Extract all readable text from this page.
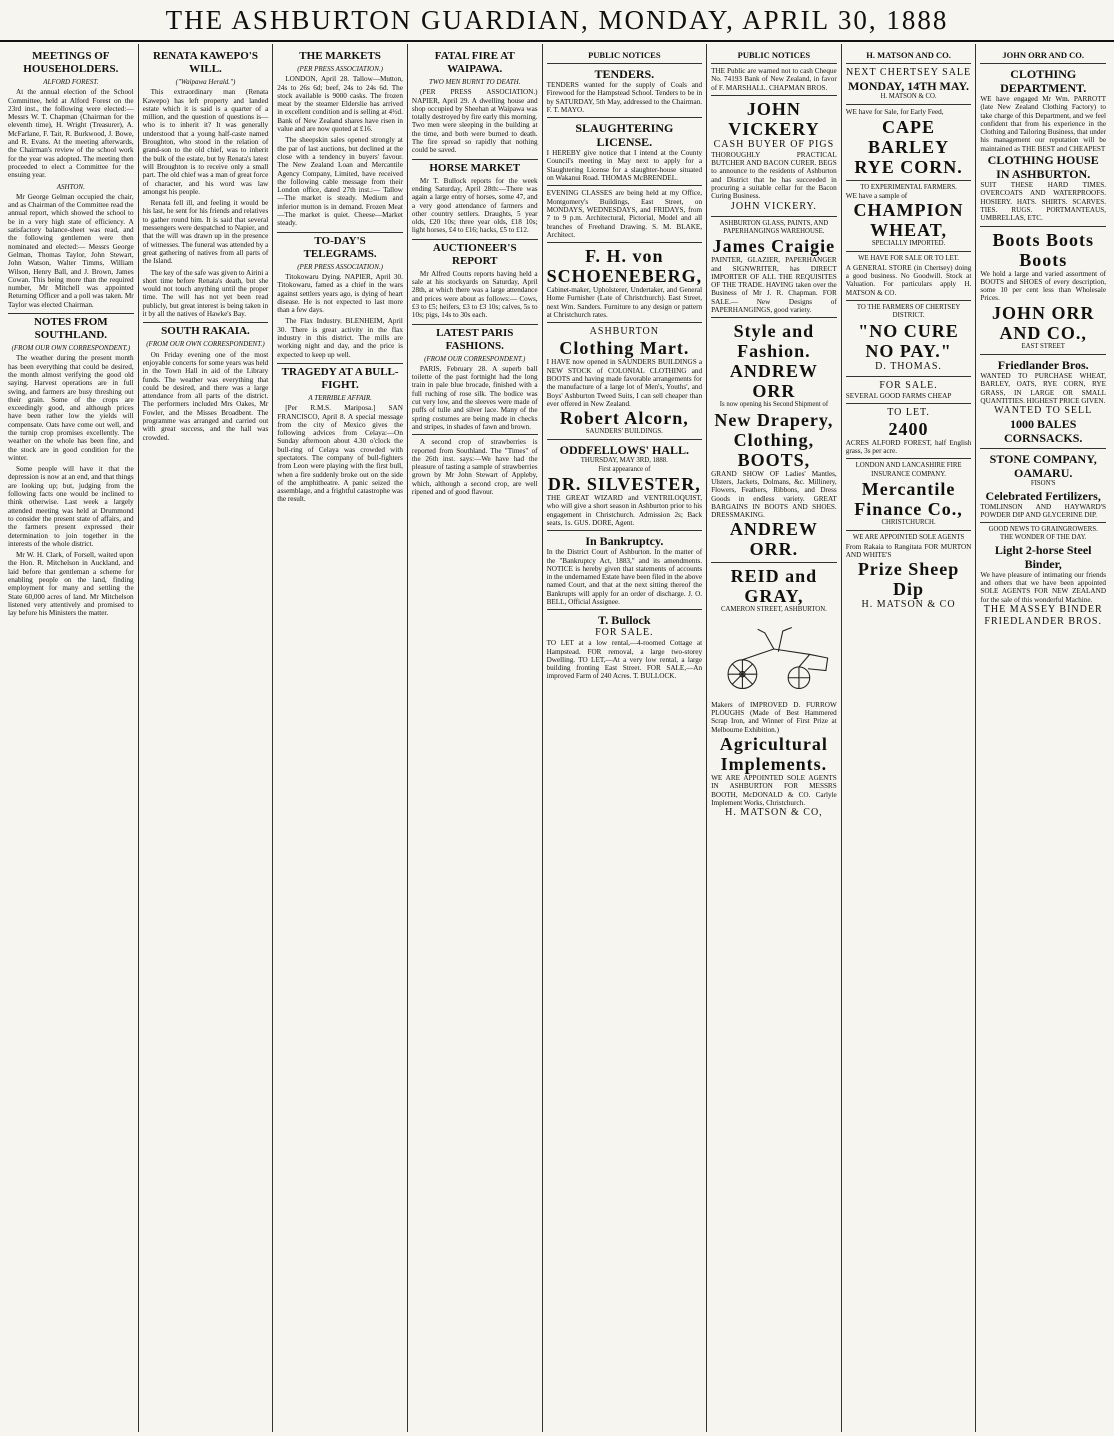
THE ASHBURTON GUARDIAN, MONDAY, APRIL 30, 1888
MEETINGS OF HOUSEHOLDERS.
ALFORD FOREST.

At the annual election of the School Committee, held at Alford Forest on the 23rd inst., the following were elected:— Messrs W. T. Chapman (Chairman for the eleventh time), H. Wright (Treasurer), A. McFarlane, F. Tait, R. Burkwood, J. Bowe, and R. Evans. At the meeting afterwards, the Chairman's review of the school work for the year was adopted. The meeting then proceeded to elect a Committee for the ensuing year.

ASHTON.

Mr George Gelman occupied the chair, and as Chairman of the Committee read the annual report, which showed the school to be in a very high state of efficiency. A satisfactory balance-sheet was read, and the following gentlemen were then nominated and elected:— Messrs George Gelman, Thomas Taylor, John Stewart, John Watson, Walter Timms, William Wilson, Henry Ball, and J. Brown, James Cowan. This being more than the required number, Mr Mitchell was appointed Returning Officer and a poll was taken. Mr Taylor was elected Chairman.

NOTES FROM SOUTHLAND.
(FROM OUR OWN CORRESPONDENT.)

The weather during the present month has been everything that could be desired, the month almost verifying the good old saying. Harvest operations are in full swing, and farmers are busy threshing out their grain. Some of the crops are exceedingly good, and although prices have been rather low the yields will compensate. Oats have come out well, and the turnip crop promises excellently. The weather on the whole has been fine, and the stock are in good condition for the winter.

Some people will have it that the depression is now at an end, and that things are looking up; but, judging from the following facts one would be inclined to think otherwise. Last week a largely attended meeting was held at Drummond to consider the present state of affairs, and the farmers present expressed their determination to join together in the interests of the whole district.

Mr W. H. Clark, of Forsell, waited upon the Hon. R. Mitchelson in Auckland, and laid before that gentleman a scheme for enabling people on the land, finding employment for many and settling the State 60,000 acres of land. Mr Mitchelson listened very attentively and promised to lay before his Ministers the matter.

RENATA KAWEPO'S WILL.
("Waipawa Herald.")

This extraordinary man (Renata Kawepo) has left property and landed estate which it is said is a quarter of a million, and the question of questions is—who is to inherit it? It was generally understood that a young half-caste named Broughton, who stood in the relation of grand-son to the old chief, was to inherit the bulk of the estate, but by Renata's latest will Broughton is to receive only a small part. The old chief was a man of great force of character, and his word was law amongst his people.

Renata fell ill, and feeling it would be his last, he sent for his friends and relatives to gather round him. It is said that several messengers were despatched to Napier, and that the will was drawn up in the presence of witnesses. The funeral was attended by a great gathering of natives from all parts of the Island.

The key of the safe was given to Airini a short time before Renata's death, but she would not touch anything until the proper time. The will has not yet been read publicly, but great interest is being taken in it by all the natives of Hawke's Bay.

SOUTH RAKAIA.
(FROM OUR OWN CORRESPONDENT.)

On Friday evening one of the most enjoyable concerts for some years was held in the Town Hall in aid of the Library funds. The weather was everything that could be desired, and there was a large attendance from all parts of the district. The performers included Mrs Oakes, Mr Fowler, and the Misses Broadbent. The programme was arranged and carried out with great success, and the hall was crowded.

THE MARKETS
(PER PRESS ASSOCIATION.)

LONDON, April 28. Tallow—Mutton, 24s to 26s 6d; beef, 24s to 24s 6d. The stock available is 9000 casks. The frozen meat by the steamer Elderslie has arrived in excellent condition and is selling at 4½d. Bank of New Zealand shares have risen in value and are now quoted at £16.

The sheepskin sales opened strongly at the par of last auctions, but declined at the close with a tendency in buyers' favour. The New Zealand Loan and Mercantile Agency Company, Limited, have received the following cable message from their London office, dated 27th inst.:— Tallow—The market is steady. Medium and inferior mutton is in demand. Frozen Meat—The market is quiet. Cheese—Market steady.

TO-DAY'S TELEGRAMS.
(PER PRESS ASSOCIATION.)

Titokowaru Dying. NAPIER, April 30. Titokowaru, famed as a chief in the wars against settlers years ago, is dying of heart disease. He is not expected to last more than a few days.

The Flax Industry. BLENHEIM, April 30. There is great activity in the flax industry in this district. The mills are working night and day, and the price is expected to keep up well.

TRAGEDY AT A BULL-FIGHT.
A TERRIBLE AFFAIR.

[Per R.M.S. Mariposa.] SAN FRANCISCO, April 8. A special message from the city of Mexico gives the following advices from Celaya:—On Sunday afternoon about 4.30 o'clock the bull-ring of Celaya was crowded with spectators. The company of bull-fighters from Leon were playing with the first bull, when a fire suddenly broke out on the side of the amphitheatre. A panic seized the assemblage, and a frightful catastrophe was the result.

FATAL FIRE AT WAIPAWA.
TWO MEN BURNT TO DEATH.

(PER PRESS ASSOCIATION.) NAPIER, April 29. A dwelling house and shop occupied by Sheehan at Waipawa was totally destroyed by fire early this morning. Two men were sleeping in the building at the time, and both were burned to death. The fire spread so rapidly that nothing could be saved.

HORSE MARKET

Mr T. Bullock reports for the week ending Saturday, April 28th:—There was again a large entry of horses, some 47, and a very good attendance of farmers and other country settlers. Draughts, 5 year olds, £20 10s; three year olds, £18 10s; light horses, £4 to £16; hacks, £5 to £12.

AUCTIONEER'S REPORT

Mr Alfred Coutts reports having held a sale at his stockyards on Saturday, April 28th, at which there was a large attendance and prices were about as follows:— Cows, £3 to £5; heifers, £3 to £3 10s; calves, 5s to 10s; pigs, 14s to 30s each.

LATEST PARIS FASHIONS.
(FROM OUR CORRESPONDENT.)

PARIS, February 28. A superb ball toilette of the past fortnight had the long train in pale blue brocade, finished with a full ruching of rose silk. The bodice was cut very low, and the sleeves were made of puffs of tulle and silver lace. Many of the spring costumes are being made in checks and stripes, in shades of fawn and brown.

A second crop of strawberries is reported from Southland. The "Times" of the 26th inst. says:—We have had the pleasure of tasting a sample of strawberries grown by Mr John Stewart of Appleby, which, although a second crop, are well ripened and of good flavour.

PUBLIC NOTICES
TENDERS.
TENDERS wanted for the supply of Coals and Firewood for the Hampstead School. Tenders to be in by SATURDAY, 5th May, addressed to the Chairman. F. T. MAYO.
SLAUGHTERING LICENSE.
I HEREBY give notice that I intend at the County Council's meeting in May next to apply for a Slaughtering License for a slaughter-house situated on Wakanui Road. THOMAS McBRENDEL.
EVENING CLASSES are being held at my Office, Montgomery's Buildings, East Street, on MONDAYS, WEDNESDAYS, and FRIDAYS, from 7 to 9 p.m. Architectural, Pictorial, Model and all branches of Freehand Drawing. S. M. BLAKE, Architect.
F. H. von SCHOENEBERG,
Cabinet-maker, Upholsterer, Undertaker, and General Home Furnisher (Late of Christchurch). East Street, next Wm. Sanders. Furniture to any design or pattern at Christchurch rates.
ASHBURTON
Clothing Mart.
I HAVE now opened in SAUNDERS BUILDINGS a NEW STOCK of COLONIAL CLOTHING and BOOTS and having made favorable arrangements for the manufacture of a large lot of Men's, Youths', and Boys' Ashburton Tweed Suits, I can sell cheaper than ever offered in New Zealand.
Robert Alcorn,
SAUNDERS' BUILDINGS.
ODDFELLOWS' HALL.
THURSDAY, MAY 3RD, 1888.
First appearance of
DR. SILVESTER,
THE GREAT WIZARD and VENTRILOQUIST, who will give a short season in Ashburton prior to his engagement in Christchurch. Admission 2s; Back seats, 1s. GUS. DORE, Agent.
In Bankruptcy.
In the District Court of Ashburton. In the matter of the "Bankruptcy Act, 1883," and its amendments. NOTICE is hereby given that statements of accounts in the undernamed Estate have been filed in the above named Court, and that at the next sitting thereof the Bankrupts will apply for an order of discharge. J. O. BELL, Official Assignee.
T. Bullock
FOR SALE.
TO LET at a low rental,—4-roomed Cottage at Hampstead. FOR removal, a large two-storey Dwelling. TO LET,—At a very low rental, a large building fronting East Street. FOR SALE,—An improved Farm of 240 Acres. T. BULLOCK.
PUBLIC NOTICES
THE Public are warned not to cash Cheque No. 74193 Bank of New Zealand, in favor of F. MARSHALL. CHAPMAN BROS.
JOHN VICKERY
CASH BUYER OF PIGS
THOROUGHLY PRACTICAL BUTCHER AND BACON CURER. BEGS to announce to the residents of Ashburton and District that he has succeeded in procuring a suitable cellar for the Bacon Curing Business.
JOHN VICKERY.
ASHBURTON GLASS, PAINTS, AND PAPERHANGINGS WAREHOUSE.
James Craigie
PAINTER, GLAZIER, PAPERHANGER and SIGNWRITER, has DIRECT IMPORTER OF ALL THE REQUISITES OF THE TRADE. HAVING taken over the Business of Mr J. R. Chapman. FOR SALE.— New Designs of PAPERHANGINGS, good variety.
Style and Fashion.
ANDREW ORR
Is now opening his Second Shipment of
New Drapery,
Clothing,
BOOTS,
GRAND SHOW OF Ladies' Mantles, Ulsters, Jackets, Dolmans, &c. Millinery, Flowers, Feathers, Ribbons, and Dress Goods in endless variety. GREAT BARGAINS IN BOOTS AND SHOES. DRESSMAKING.
ANDREW ORR.
REID and GRAY,
CAMERON STREET, ASHBURTON.
Makers of IMPROVED D. FURROW PLOUGHS (Made of Best Hammered Scrap Iron, and Winner of First Prize at Melbourne Exhibition.)
Agricultural Implements.
WE ARE APPOINTED SOLE AGENTS IN ASHBURTON FOR MESSRS BOOTH, McDONALD & CO. Carlyle Implement Works, Christchurch.
H. MATSON & CO,
H. MATSON AND CO.
NEXT CHERTSEY SALE
MONDAY, 14TH MAY.
H. MATSON & CO.
WE have for Sale, for Early Feed,
CAPE BARLEY
RYE CORN.
TO EXPERIMENTAL FARMERS.
WE have a sample of
CHAMPION WHEAT,
SPECIALLY IMPORTED.
WE HAVE FOR SALE OR TO LET.
A GENERAL STORE (in Chertsey) doing a good business. No Goodwill. Stock at Valuation. For particulars apply H. MATSON & CO.
TO THE FARMERS OF CHERTSEY DISTRICT.
"NO CURE NO PAY."
D. THOMAS.
FOR SALE.
SEVERAL GOOD FARMS CHEAP
TO LET.
2400
ACRES ALFORD FOREST, half English grass, 3s per acre.
LONDON AND LANCASHIRE FIRE INSURANCE COMPANY.
Mercantile Finance Co.,
CHRISTCHURCH.
WE ARE APPOINTED SOLE AGENTS
From Rakaia to Rangitata FOR MURTON AND WHITE'S
Prize Sheep Dip
H. MATSON & CO
JOHN ORR AND CO.
CLOTHING DEPARTMENT.
WE have engaged Mr Wm. PARROTT (late New Zealand Clothing Factory) to take charge of this Department, and we feel confident that from his experience in the Clothing and Tailoring Business, that under his management our reputation will be maintained as THE BEST and CHEAPEST
CLOTHING HOUSE IN ASHBURTON.
SUIT THESE HARD TIMES. OVERCOATS AND WATERPROOFS. HOSIERY. HATS. SHIRTS. SCARVES. TIES. RUGS. PORTMANTEAUS, UMBRELLAS, ETC.
Boots Boots Boots
We hold a large and varied assortment of BOOTS and SHOES of every description, some 10 per cent less than Wholesale Prices.
JOHN ORR AND CO.,
EAST STREET
Friedlander Bros.
WANTED TO PURCHASE WHEAT, BARLEY, OATS, RYE CORN, RYE GRASS, IN LARGE OR SMALL QUANTITIES. HIGHEST PRICE GIVEN.
WANTED TO SELL
1000 BALES CORNSACKS.
STONE COMPANY, OAMARU.
FISON'S
Celebrated Fertilizers,
TOMLINSON AND HAYWARD'S POWDER DIP AND GLYCERINE DIP.
GOOD NEWS TO GRAINGROWERS.
THE WONDER OF THE DAY.
Light 2-horse Steel Binder,
We have pleasure of intimating our friends and others that we have been appointed SOLE AGENTS FOR NEW ZEALAND for the sale of this wonderful Machine.
THE MASSEY BINDER
FRIEDLANDER BROS.
